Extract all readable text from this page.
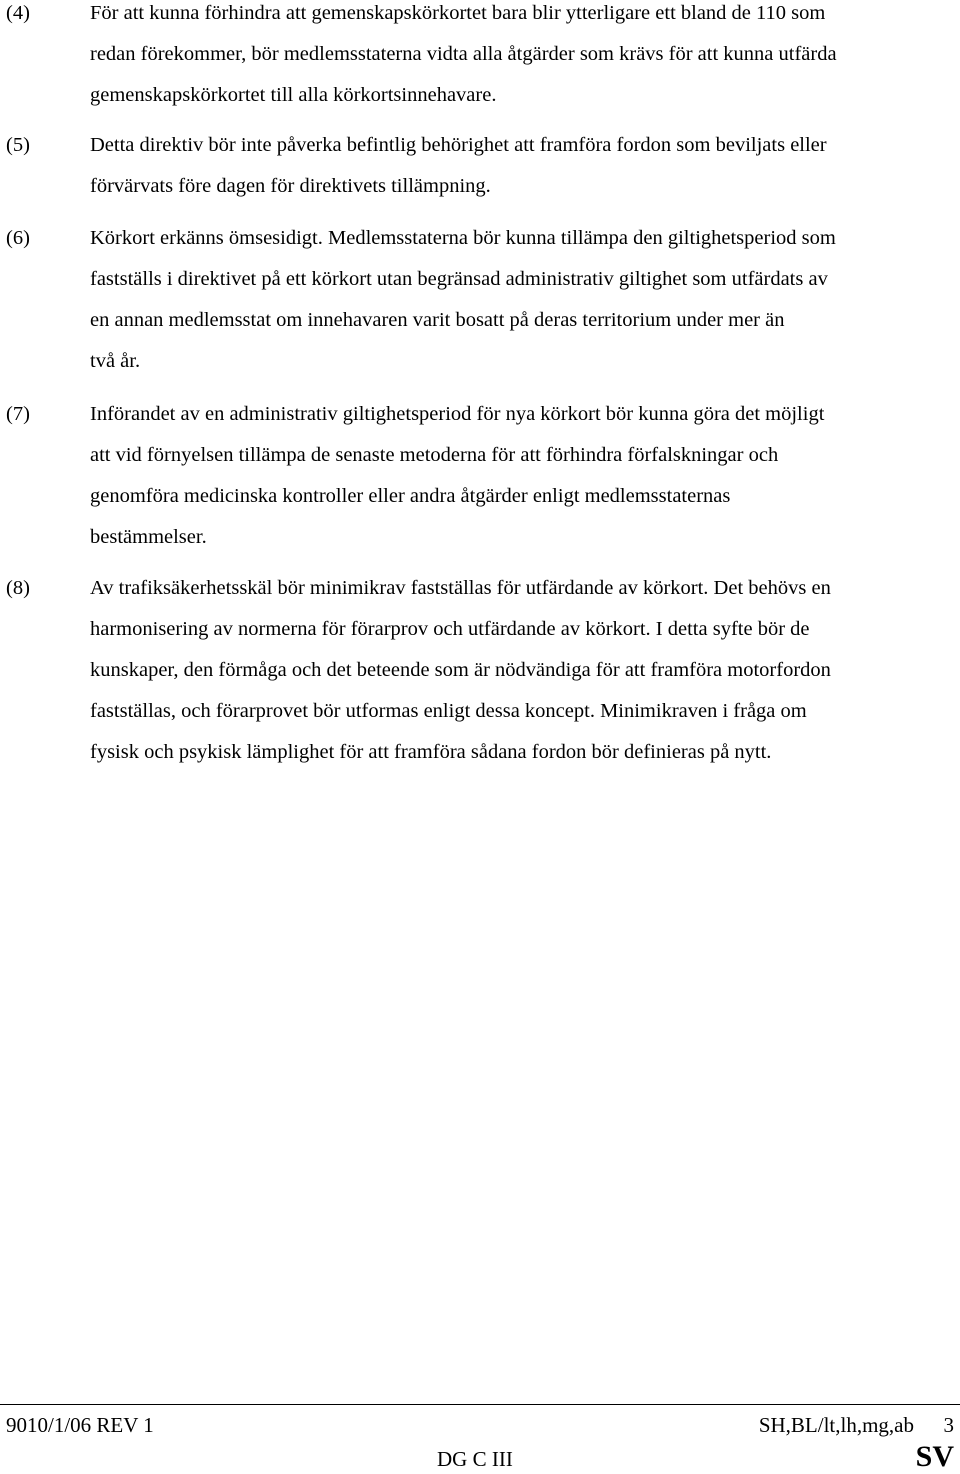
(4)	För att kunna förhindra att gemenskapskörkortet bara blir ytterligare ett bland de 110 som
redan förekommer, bör medlemsstaterna vidta alla åtgärder som krävs för att kunna utfärda
gemenskapskörkortet till alla körkortsinnehavare.

(5)	Detta direktiv bör inte påverka befintlig behörighet att framföra fordon som beviljats eller
förvärvats före dagen för direktivets tillämpning.

(6)	Körkort erkänns ömsesidigt. Medlemsstaterna bör kunna tillämpa den giltighetsperiod som
fastställs i direktivet på ett körkort utan begränsad administrativ giltighet som utfärdats av
en annan medlemsstat om innehavaren varit bosatt på deras territorium under mer än
två år.

(7)	Införandet av en administrativ giltighetsperiod för nya körkort bör kunna göra det möjligt
att vid förnyelsen tillämpa de senaste metoderna för att förhindra förfalskningar och
genomföra medicinska kontroller eller andra åtgärder enligt medlemsstaternas
bestämmelser.

(8)	Av trafiksäkerhetsskäl bör minimikrav fastställas för utfärdande av körkort. Det behövs en
harmonisering av normerna för förarprov och utfärdande av körkort. I detta syfte bör de
kunskaper, den förmåga och det beteende som är nödvändiga för att framföra motorfordon
fastställas, och förarprovet bör utformas enligt dessa koncept. Minimikraven i fråga om
fysisk och psykisk lämplighet för att framföra sådana fordon bör definieras på nytt.

9010/1/06 REV 1	SH,BL/lt,lh,mg,ab 3
DG C III	SV
